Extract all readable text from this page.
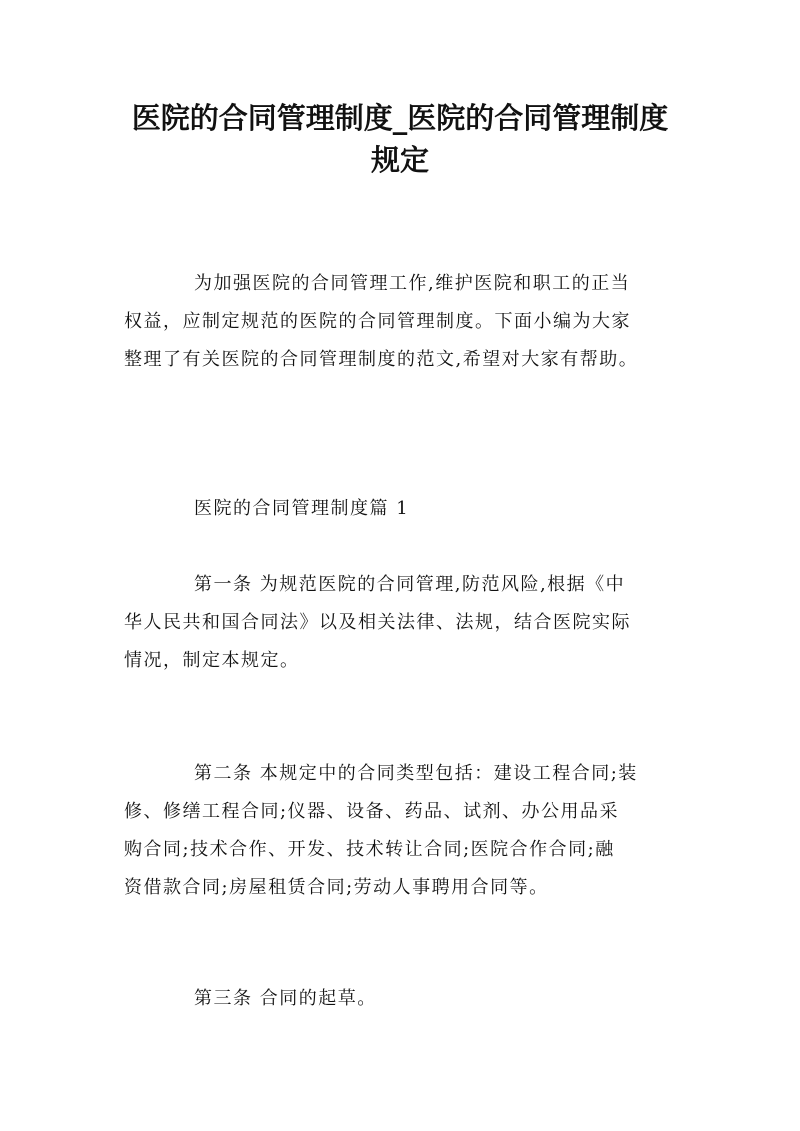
医院的合同管理制度_医院的合同管理制度
规定
为加强医院的合同管理工作,维护医院和职工的正当
权益，应制定规范的医院的合同管理制度。下面小编为大家
整理了有关医院的合同管理制度的范文,希望对大家有帮助。
医院的合同管理制度篇 1
第一条 为规范医院的合同管理,防范风险,根据《中
华人民共和国合同法》以及相关法律、法规，结合医院实际
情况，制定本规定。
第二条 本规定中的合同类型包括：建设工程合同;装
修、修缮工程合同;仪器、设备、药品、试剂、办公用品采
购合同;技术合作、开发、技术转让合同;医院合作合同;融
资借款合同;房屋租赁合同;劳动人事聘用合同等。
第三条 合同的起草。
